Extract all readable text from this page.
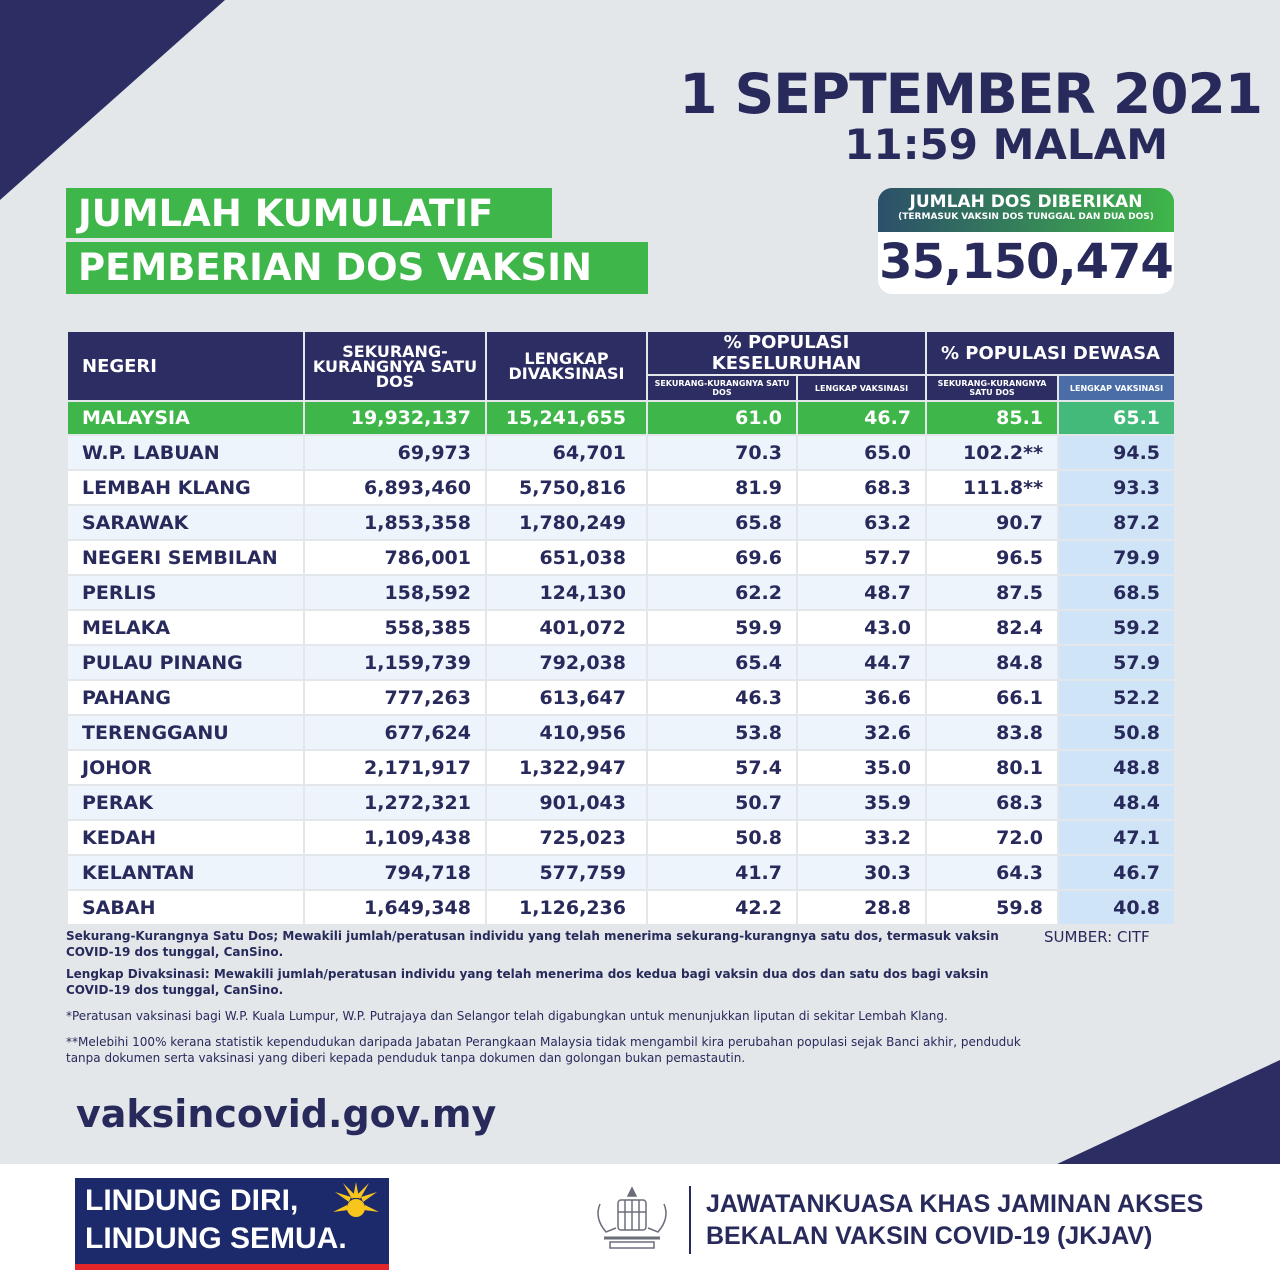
1 SEPTEMBER 2021
11:59 MALAM
JUMLAH KUMULATIF
PEMBERIAN DOS VAKSIN
JUMLAH DOS DIBERIKAN
(TERMASUK VAKSIN DOS TUNGGAL DAN DUA DOS)
35,150,474
NEGERI	SEKURANG-KURANGNYA SATU DOS	LENGKAP DIVAKSINASI	% POPULASI KESELURUHAN		% POPULASI DEWASA	
			SEKURANG-KURANGNYA SATU DOS	LENGKAP VAKSINASI	SEKURANG-KURANGNYA SATU DOS	LENGKAP VAKSINASI
MALAYSIA	19,932,137	15,241,655	61.0	46.7	85.1	65.1
W.P. LABUAN	69,973	64,701	70.3	65.0	102.2**	94.5
LEMBAH KLANG	6,893,460	5,750,816	81.9	68.3	111.8**	93.3
SARAWAK	1,853,358	1,780,249	65.8	63.2	90.7	87.2
NEGERI SEMBILAN	786,001	651,038	69.6	57.7	96.5	79.9
PERLIS	158,592	124,130	62.2	48.7	87.5	68.5
MELAKA	558,385	401,072	59.9	43.0	82.4	59.2
PULAU PINANG	1,159,739	792,038	65.4	44.7	84.8	57.9
PAHANG	777,263	613,647	46.3	36.6	66.1	52.2
TERENGGANU	677,624	410,956	53.8	32.6	83.8	50.8
JOHOR	2,171,917	1,322,947	57.4	35.0	80.1	48.8
PERAK	1,272,321	901,043	50.7	35.9	68.3	48.4
KEDAH	1,109,438	725,023	50.8	33.2	72.0	47.1
KELANTAN	794,718	577,759	41.7	30.3	64.3	46.7
SABAH	1,649,348	1,126,236	42.2	28.8	59.8	40.8

Sekurang-Kurangnya Satu Dos; Mewakili jumlah/peratusan individu yang telah menerima sekurang-kurangnya satu dos, termasuk vaksin COVID-19 dos tunggal, CanSino.

Lengkap Divaksinasi: Mewakili jumlah/peratusan individu yang telah menerima dos kedua bagi vaksin dua dos dan satu dos bagi vaksin COVID-19 dos tunggal, CanSino.

*Peratusan vaksinasi bagi W.P. Kuala Lumpur, W.P. Putrajaya dan Selangor telah digabungkan untuk menunjukkan liputan di sekitar Lembah Klang.

**Melebihi 100% kerana statistik kependudukan daripada Jabatan Perangkaan Malaysia tidak mengambil kira perubahan populasi sejak Banci akhir, penduduk tanpa dokumen serta vaksinasi yang diberi kepada penduduk tanpa dokumen dan golongan bukan pemastautin.

SUMBER: CITF
vaksincovid.gov.my
LINDUNG DIRI,
LINDUNG SEMUA.
JAWATANKUASA KHAS JAMINAN AKSES
BEKALAN VAKSIN COVID-19 (JKJAV)
